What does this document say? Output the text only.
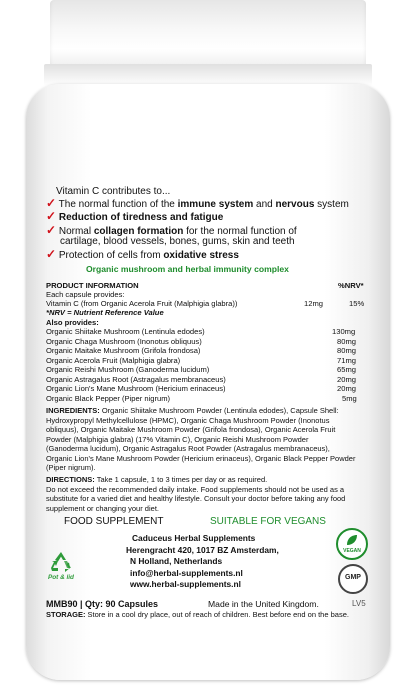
Vitamin C contributes to...
✓ The normal function of the immune system and nervous system
✓ Reduction of tiredness and fatigue
✓ Normal collagen formation for the normal function of
cartilage, blood vessels, bones, gums, skin and teeth
✓ Protection of cells from oxidative stress
Organic mushroom and herbal immunity complex
PRODUCT INFORMATION	%NRV*
Each capsule provides:
Vitamin C (from Organic Acerola Fruit (Malphigia glabra))	12mg	15%
*NRV = Nutrient Reference Value
Also provides:
Organic Shiitake Mushroom (Lentinula edodes)	130mg
Organic Chaga Mushroom (Inonotus obliquus)	80mg
Organic Maitake Mushroom (Grifola frondosa)	80mg
Organic Acerola Fruit (Malphigia glabra)	71mg
Organic Reishi Mushroom (Ganoderma lucidum)	65mg
Organic Astragalus Root (Astragalus membranaceus)	20mg
Organic Lion's Mane Mushroom (Hericium erinaceus)	20mg
Organic Black Pepper (Piper nigrum)	5mg
INGREDIENTS: Organic Shiitake Mushroom Powder (Lentinula edodes), Capsule Shell:
Hydroxypropyl Methylcellulose (HPMC), Organic Chaga Mushroom Powder (Inonotus
obliquus), Organic Maitake Mushroom Powder (Grifola frondosa), Organic Acerola Fruit
Powder (Malphigia glabra) (17% Vitamin C), Organic Reishi Mushroom Powder
(Ganoderma lucidum), Organic Astragalus Root Powder (Astragalus membranaceus),
Organic Lion's Mane Mushroom Powder (Hericium erinaceus), Organic Black Pepper Powder
(Piper nigrum).
DIRECTIONS: Take 1 capsule, 1 to 3 times per day or as required.
Do not exceed the recommended daily intake. Food supplements should not be used as a
substitute for a varied diet and healthy lifestyle. Consult your doctor before taking any food
supplement or changing your diet.
FOOD SUPPLEMENT	SUITABLE FOR VEGANS
Caduceus Herbal Supplements
Herengracht 420, 1017 BZ Amsterdam,
N Holland, Netherlands
info@herbal-supplements.nl
www.herbal-supplements.nl
Pot & lid
VEGAN
GMP
MMB90 | Qty: 90 Capsules	Made in the United Kingdom.	LV5
STORAGE: Store in a cool dry place, out of reach of children. Best before end on the base.
